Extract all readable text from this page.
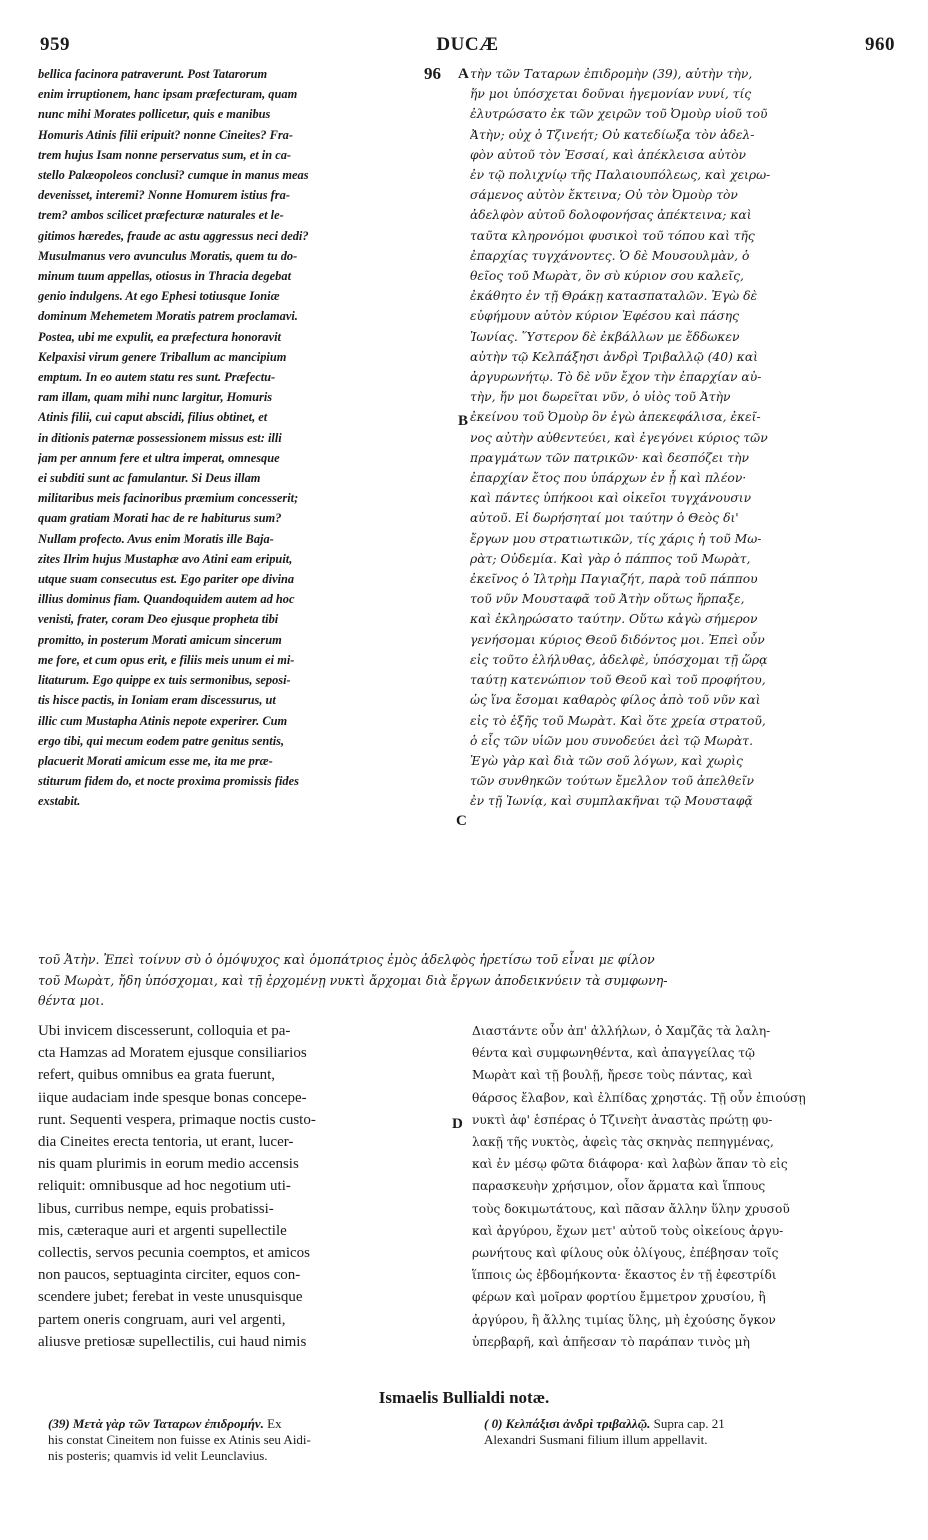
959	DUCÆ	960
96 A
B
C
D
bellica facinora patraverunt. Post Tatarorum
enim irruptionem, hanc ipsam præfecturam, quam
nunc mihi Morates pollicetur, quis e manibus
Homuris Atinis filii eripuit? nonne Cineites? Fra-
trem hujus Isam nonne perservatus sum, et in ca-
stello Palæopoleos conclusi? cumque in manus meas
devenisset, interemi? Nonne Homurem istius fra-
trem? ambos scilicet præfecturæ naturales et le-
gitimos hæredes, fraude ac astu aggressus neci dedi?
Musulmanus vero avunculus Moratis, quem tu do-
minum tuum appellas, otiosus in Thracia degebat
genio indulgens. At ego Ephesi totiusque Ioniæ
dominum Mehemetem Moratis patrem proclamavi.
Postea, ubi me expulit, ea præfectura honoravit
Kelpaxisi virum genere Triballum ac mancipium
emptum. In eo autem statu res sunt. Præfectu-
ram illam, quam mihi nunc largitur, Homuris
Atinis filii, cui caput abscidi, filius obtinet, et
in ditionis paternæ possessionem missus est: illi
jam per annum fere et ultra imperat, omnesque
ei subditi sunt ac famulantur. Si Deus illam
militaribus meis facinoribus præmium concesserit;
quam gratiam Morati hac de re habiturus sum?
Nullam profecto. Avus enim Moratis ille Baja-
zites Ilrim hujus Mustaphæ avo Atini eam eripuit,
utque suam consecutus est. Ego pariter ope divina
illius dominus fiam. Quandoquidem autem ad hoc
venisti, frater, coram Deo ejusque propheta tibi
promitto, in posterum Morati amicum sincerum
me fore, et cum opus erit, e filiis meis unum ei mi-
litaturum. Ego quippe ex tuis sermonibus, seposi-
tis hisce pactis, in Ioniam eram discessurus, ut
illic cum Mustapha Atinis nepote experirer. Cum
ergo tibi, qui mecum eodem patre genitus sentis,
placuerit Morati amicum esse me, ita me præ-
stiturum fidem do, et nocte proxima promissis fides
exstabit.
τὴν τῶν Ταταρων ἐπιδρομὴν (39), αὐτὴν τὴν,
ἥν μοι ὑπόσχεται δοῦναι ἡγεμονίαν νυνί, τίς
ἐλυτρώσατο ἐκ τῶν χειρῶν τοῦ Ὀμοὺρ υἱοῦ τοῦ
Ἀτὴν; οὐχ ὁ Τζινεήτ; Οὐ κατεδίωξα τὸν ἀδελ-
φὸν αὐτοῦ τὸν Ἐσσαί, καὶ ἀπέκλεισα αὐτὸν
ἐν τῷ πολιχνίῳ τῆς Παλαιουπόλεως, καὶ χειρω-
σάμενος αὐτὸν ἔκτεινα; Οὐ τὸν Ὀμοὺρ τὸν
ἀδελφὸν αὐτοῦ δολοφονήσας ἀπέκτεινα; καὶ
ταῦτα κληρονόμοι φυσικοὶ τοῦ τόπου καὶ τῆς
ἐπαρχίας τυγχάνοντες. Ὁ δὲ Μουσουλμὰν, ὁ
θεῖος τοῦ Μωρὰτ, ὃν σὺ κύριον σου καλεῖς,
ἐκάθητο ἐν τῇ Θράκῃ κατασπαταλῶν. Ἐγὼ δὲ
εὐφήμουν αὐτὸν κύριον Ἐφέσου καὶ πάσης
Ἰωνίας. Ὕστερον δὲ ἐκβάλλων με ἔδδωκεν
αὐτὴν τῷ Κελπάξησι ἀνδρὶ Τριβαλλῷ (40) καὶ
ἀργυρωνήτῳ. Τὸ δὲ νῦν ἔχον τὴν ἐπαρχίαν αὐ-
τὴν, ἥν μοι δωρεῖται νῦν, ὁ υἱὸς τοῦ Ἀτὴν
ἐκείνου τοῦ Ὀμοὺρ ὃν ἐγὼ ἀπεκεφάλισα, ἐκεῖ-
νος αὐτὴν αὐθεντεύει, καὶ ἐγεγόνει κύριος τῶν
πραγμάτων τῶν πατρικῶν· καὶ δεσπόζει τὴν
ἐπαρχίαν ἔτος που ὑπάρχων ἐν ᾗ καὶ πλέον·
καὶ πάντες ὑπήκοοι καὶ οἰκεῖοι τυγχάνουσιν
αὐτοῦ. Εἰ δωρήσηταί μοι ταύτην ὁ Θεὸς δι'
ἔργων μου στρατιωτικῶν, τίς χάρις ἡ τοῦ Μω-
ρὰτ; Οὐδεμία. Καὶ γὰρ ὁ πάππος τοῦ Μωρὰτ,
ἐκεῖνος ὁ Ἰλτρὴμ Παγιαζήτ, παρὰ τοῦ πάππου
τοῦ νῦν Μουσταφᾶ τοῦ Ἀτὴν οὕτως ἥρπαξε,
καὶ ἐκληρώσατο ταύτην. Οὕτω κἀγὼ σήμερον
γενήσομαι κύριος Θεοῦ διδόντος μοι. Ἐπεὶ οὖν
εἰς τοῦτο ἐλήλυθας, ἀδελφὲ, ὑπόσχομαι τῇ ὥρᾳ
ταύτῃ κατενώπιον τοῦ Θεοῦ καὶ τοῦ προφήτου,
ὡς ἵνα ἔσομαι καθαρὸς φίλος ἀπὸ τοῦ νῦν καὶ
εἰς τὸ ἑξῆς τοῦ Μωρὰτ. Καὶ ὅτε χρεία στρατοῦ,
ὁ εἷς τῶν υἱῶν μου συνοδεύει ἀεὶ τῷ Μωρὰτ.
Ἐγὼ γὰρ καὶ διὰ τῶν σοῦ λόγων, καὶ χωρὶς
τῶν συνθηκῶν τούτων ἔμελλον τοῦ ἀπελθεῖν
ἐν τῇ Ἰωνίᾳ, καὶ συμπλακῆναι τῷ Μουσταφᾷ
τοῦ Ἀτὴν. Ἐπεὶ τοίνυν σὺ ὁ ὁμόψυχος καὶ ὁμοπάτριος ἐμὸς ἀδελφὸς ἠρετίσω τοῦ εἶναι με φίλον
τοῦ Μωρὰτ, ἤδη ὑπόσχομαι, καὶ τῇ ἐρχομένῃ νυκτὶ ἄρχομαι διὰ ἔργων ἀποδεικνύειν τὰ συμφωνη-
θέντα μοι.
Ubi invicem discesserunt, colloquia et pa-
cta Hamzas ad Moratem ejusque consiliarios
refert, quibus omnibus ea grata fuerunt,
iique audaciam inde spesque bonas concepe-
runt. Sequenti vespera, primaque noctis custo-
dia Cineites erecta tentoria, ut erant, lucer-
nis quam plurimis in eorum medio accensis
reliquit: omnibusque ad hoc negotium uti-
libus, curribus nempe, equis probatissi-
mis, cæteraque auri et argenti supellectile
collectis, servos pecunia coemptos, et amicos
non paucos, septuaginta circiter, equos con-
scendere jubet; ferebat in veste unusquisque
partem oneris congruam, auri vel argenti,
aliusve pretiosæ supellectilis, cui haud nimis
Διαστάντε οὖν ἀπ' ἀλλήλων, ὁ Χαμζᾶς τὰ λαλη-
θέντα καὶ συμφωνηθέντα, καὶ ἀπαγγείλας τῷ
Μωρὰτ καὶ τῇ βουλῇ, ἤρεσε τοὺς πάντας, καὶ
θάρσος ἔλαβον, καὶ ἐλπίδας χρηστάς. Τῇ οὖν ἐπιούσῃ
νυκτὶ ἀφ' ἑσπέρας ὁ Τζινεὴτ ἀναστὰς πρώτῃ φυ-
λακῇ τῆς νυκτὸς, ἀφεὶς τὰς σκηνὰς πεπηγμένας,
καὶ ἐν μέσῳ φῶτα διάφορα· καὶ λαβὼν ἅπαν τὸ εἰς
παρασκευὴν χρήσιμον, οἷον ἅρματα καὶ ἵππους
τοὺς δοκιμωτάτους, καὶ πᾶσαν ἄλλην ὕλην χρυσοῦ
καὶ ἀργύρου, ἔχων μετ' αὐτοῦ τοὺς οἰκείους ἀργυ-
ρωνήτους καὶ φίλους οὐκ ὀλίγους, ἐπέβησαν τοῖς
ἵπποις ὡς ἑβδομήκοντα· ἕκαστος ἐν τῇ ἐφεστρίδι
φέρων καὶ μοῖραν φορτίου ἔμμετρον χρυσίου, ἢ
ἀργύρου, ἢ ἄλλης τιμίας ὕλης, μὴ ἐχούσης ὄγκον
ὑπερβαρῆ, καὶ ἀπῆεσαν τὸ παράπαν τινὸς μὴ
Ismaelis Bullialdi notæ.
(39) Μετὰ γὰρ τῶν Ταταρων ἐπιδρομήν. Ex
his constat Cineitem non fuisse ex Atinis seu Aidi-
nis posteris; quamvis id velit Leunclavius.
( 0) Κελπάξισι ἀνδρὶ τριβαλλῷ. Supra cap. 21
Alexandri Susmani filium illum appellavit.
